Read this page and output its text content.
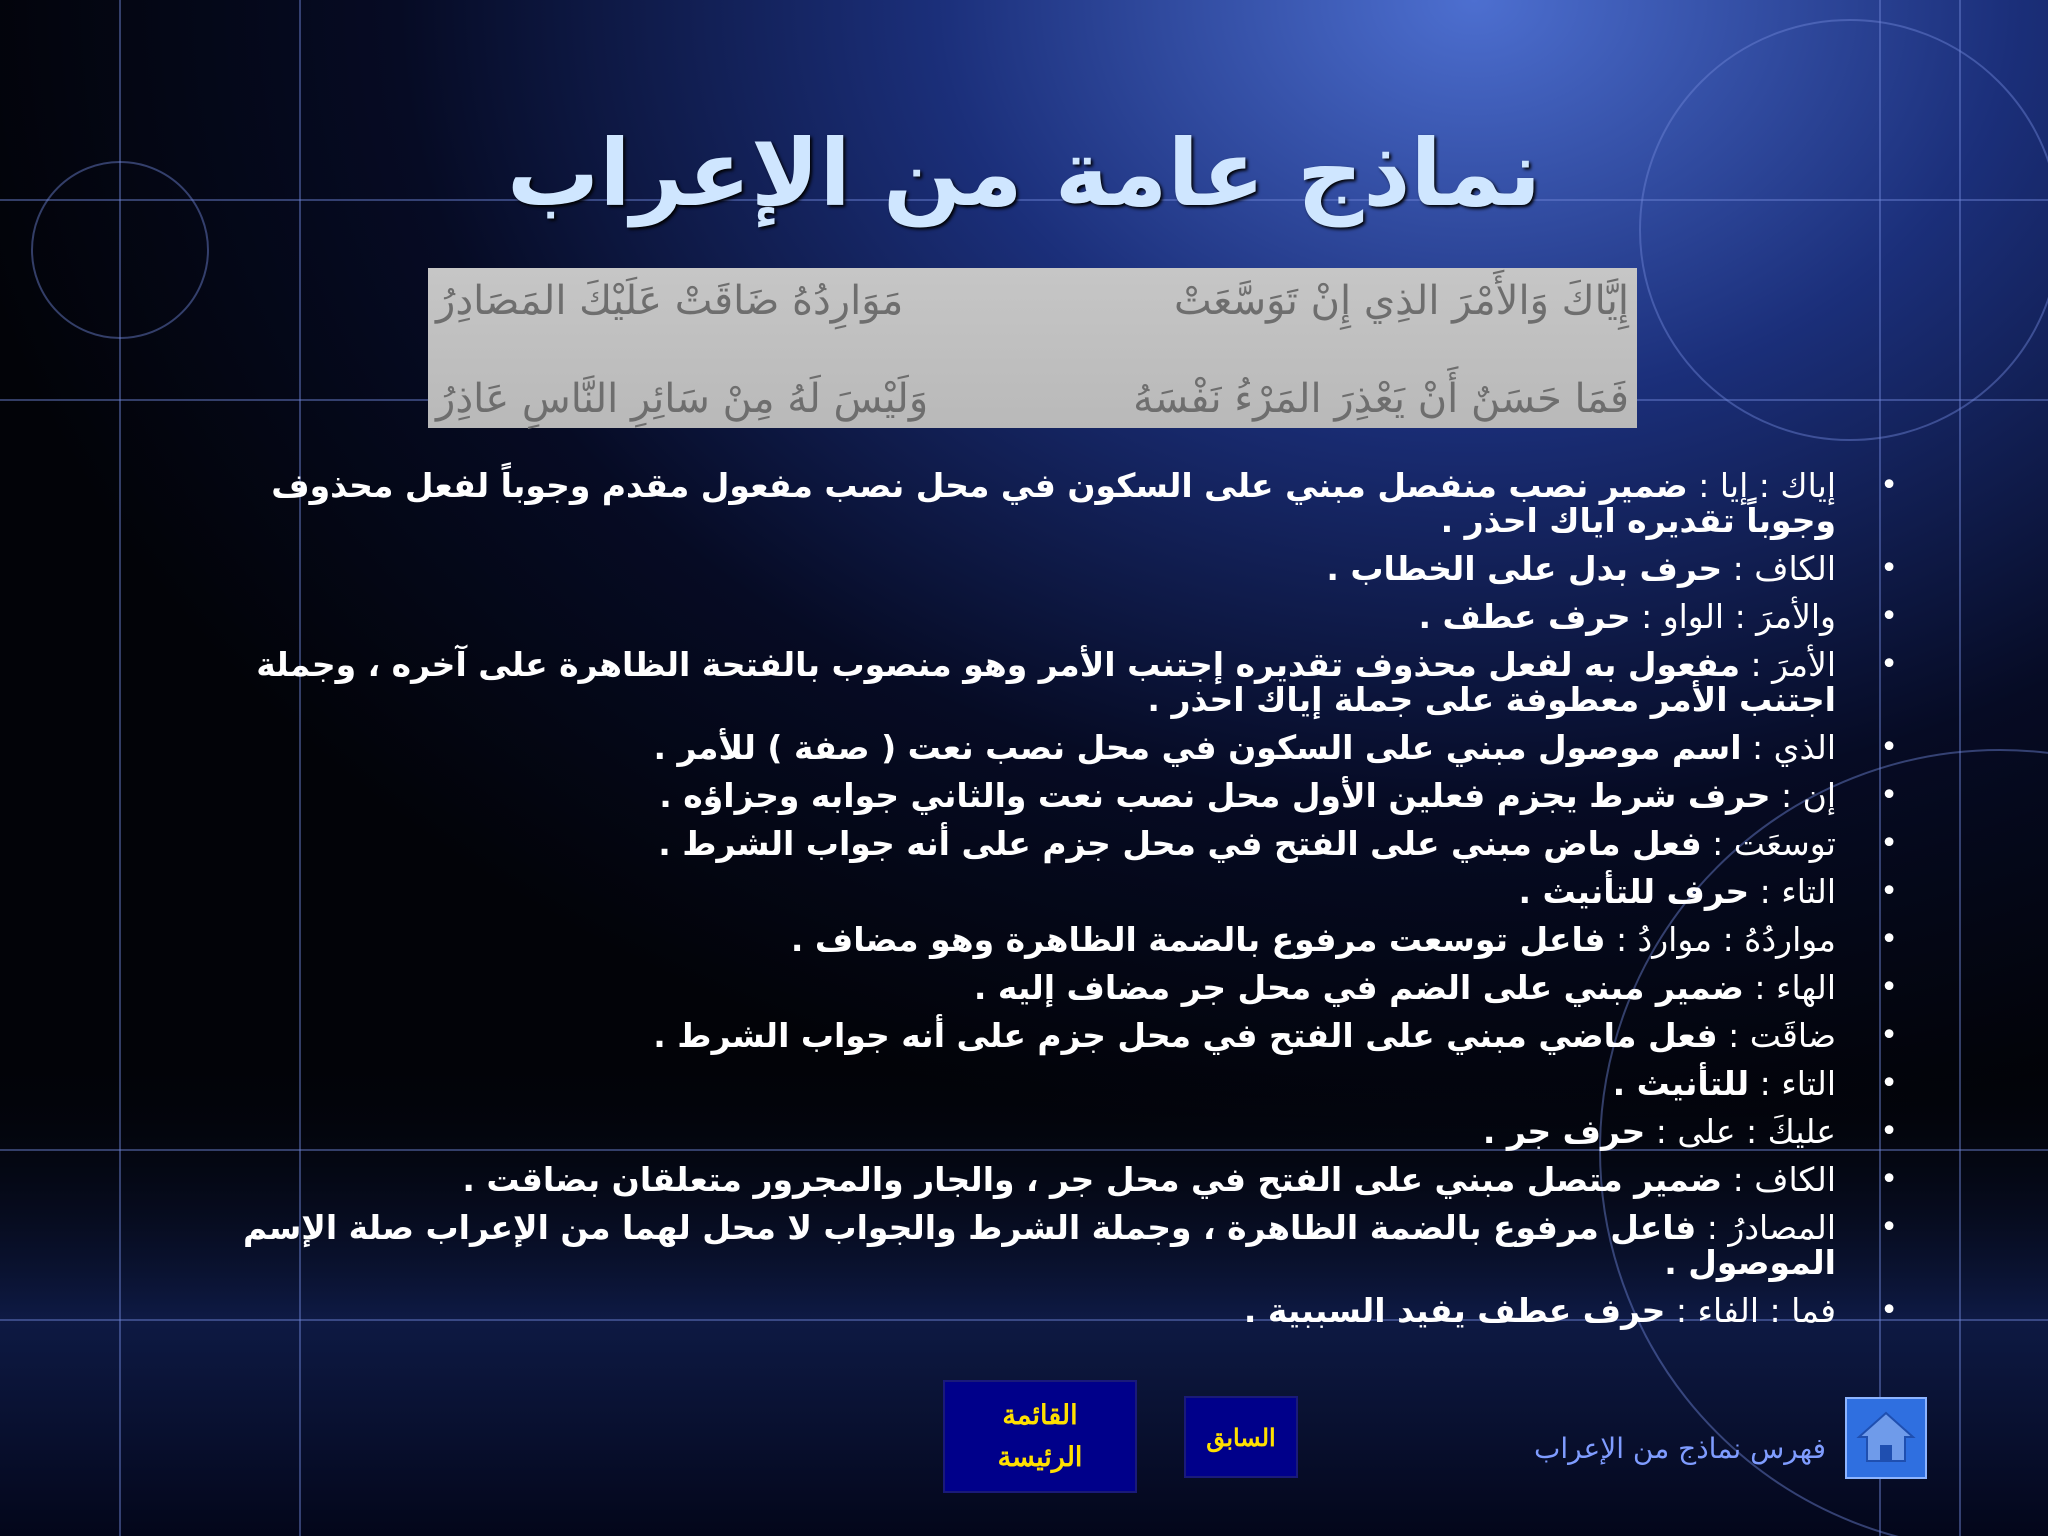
نماذج عامة من الإعراب
إِيَّاكَ وَالأَمْرَ الذِي إِنْ تَوَسَّعَتْ
مَوَارِدُهُ ضَاقَتْ عَلَيْكَ المَصَادِرُ
فَمَا حَسَنٌ أَنْ يَعْذِرَ المَرْءُ نَفْسَهُ
وَلَيْسَ لَهُ مِنْ سَائِرِ النَّاسِ عَاذِرُ
• إياك : إيا : ضمير نصب منفصل مبني على السكون في محل نصب مفعول مقدم وجوباً لفعل محذوف وجوباً تقديره اياك احذر .
• الكاف : حرف بدل على الخطاب .
• والأمرَ : الواو : حرف عطف .
• الأمرَ : مفعول به لفعل محذوف تقديره إجتنب الأمر وهو منصوب بالفتحة الظاهرة على آخره ، وجملة اجتنب الأمر معطوفة على جملة إياك احذر .
• الذي : اسم موصول مبني على السكون في محل نصب نعت ( صفة ) للأمر .
• إن : حرف شرط يجزم فعلين الأول محل نصب نعت والثاني جوابه وجزاؤه .
• توسعَت : فعل ماض مبني على الفتح في محل جزم على أنه جواب الشرط .
• التاء : حرف للتأنيث .
• مواردُهُ : مواردُ : فاعل توسعت مرفوع بالضمة الظاهرة وهو مضاف .
• الهاء : ضمير مبني على الضم في محل جر مضاف إليه .
• ضاقَت : فعل ماضي مبني على الفتح في محل جزم على أنه جواب الشرط .
• التاء : للتأنيث .
• عليكَ : على : حرف جر .
• الكاف : ضمير متصل مبني على الفتح في محل جر ، والجار والمجرور متعلقان بضاقت .
• المصادرُ : فاعل مرفوع بالضمة الظاهرة ، وجملة الشرط والجواب لا محل لهما من الإعراب صلة الإسم الموصول .
• فما : الفاء : حرف عطف يفيد السببية .
القائمة
الرئيسة
السابق	فهرس نماذج من الإعراب
